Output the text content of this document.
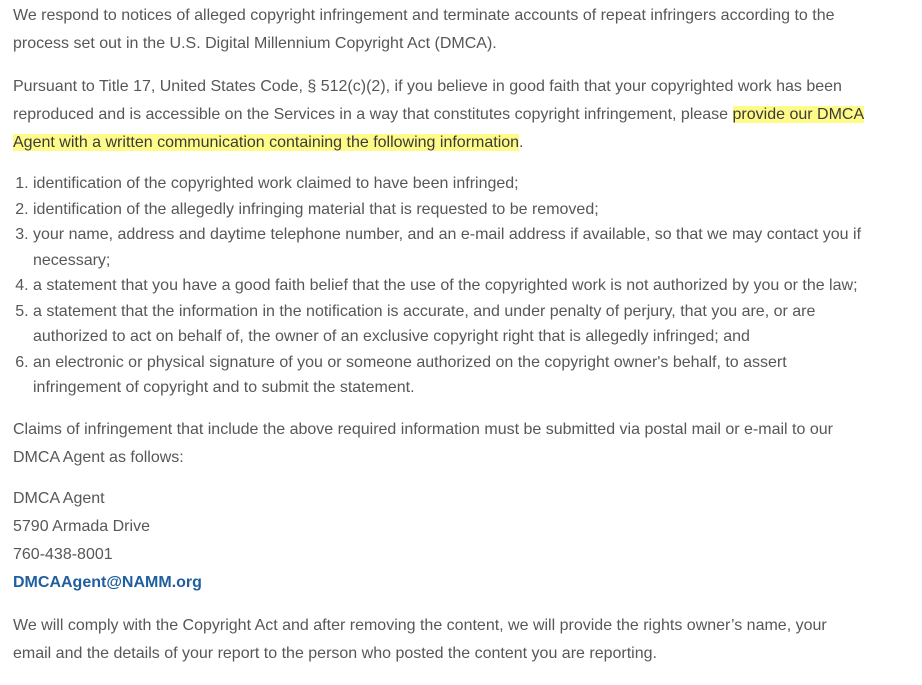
We respond to notices of alleged copyright infringement and terminate accounts of repeat infringers according to the
process set out in the U.S. Digital Millennium Copyright Act (DMCA).

Pursuant to Title 17, United States Code, § 512(c)(2), if you believe in good faith that your copyrighted work has been
reproduced and is accessible on the Services in a way that constitutes copyright infringement, please provide our DMCA
Agent with a written communication containing the following information.

1. identification of the copyrighted work claimed to have been infringed;
2. identification of the allegedly infringing material that is requested to be removed;
3. your name, address and daytime telephone number, and an e-mail address if available, so that we may contact you if
necessary;
4. a statement that you have a good faith belief that the use of the copyrighted work is not authorized by you or the law;
5. a statement that the information in the notification is accurate, and under penalty of perjury, that you are, or are
authorized to act on behalf of, the owner of an exclusive copyright right that is allegedly infringed; and
6. an electronic or physical signature of you or someone authorized on the copyright owner's behalf, to assert
infringement of copyright and to submit the statement.

Claims of infringement that include the above required information must be submitted via postal mail or e-mail to our
DMCA Agent as follows:

DMCA Agent

5790 Armada Drive

760-438-8001

DMCAAgent@NAMM.org

We will comply with the Copyright Act and after removing the content, we will provide the rights owner’s name, your
email and the details of your report to the person who posted the content you are reporting.
